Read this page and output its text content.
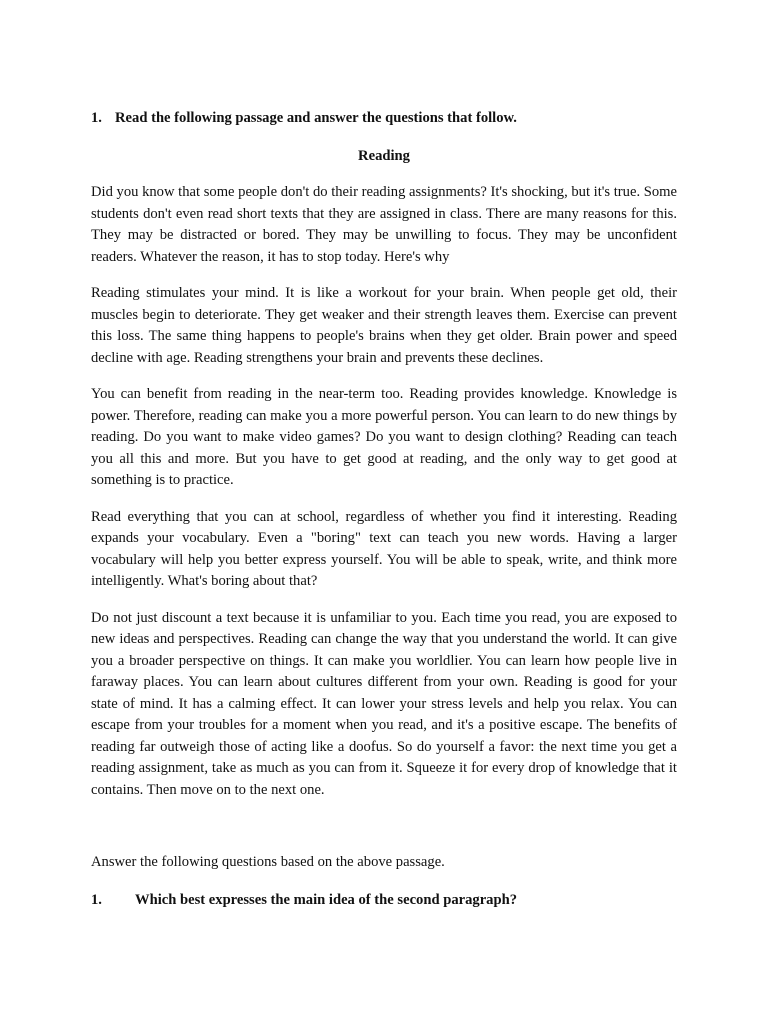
1. Read the following passage and answer the questions that follow.

Reading

Did you know that some people don't do their reading assignments? It's shocking, but it's true. Some students don't even read short texts that they are assigned in class. There are many reasons for this. They may be distracted or bored. They may be unwilling to focus. They may be unconfident readers. Whatever the reason, it has to stop today. Here's why

Reading stimulates your mind. It is like a workout for your brain. When people get old, their muscles begin to deteriorate. They get weaker and their strength leaves them. Exercise can prevent this loss. The same thing happens to people's brains when they get older. Brain power and speed decline with age. Reading strengthens your brain and prevents these declines.

You can benefit from reading in the near-term too. Reading provides knowledge. Knowledge is power. Therefore, reading can make you a more powerful person. You can learn to do new things by reading. Do you want to make video games? Do you want to design clothing? Reading can teach you all this and more. But you have to get good at reading, and the only way to get good at something is to practice.

Read everything that you can at school, regardless of whether you find it interesting. Reading expands your vocabulary. Even a "boring" text can teach you new words. Having a larger vocabulary will help you better express yourself. You will be able to speak, write, and think more intelligently. What's boring about that?

Do not just discount a text because it is unfamiliar to you. Each time you read, you are exposed to new ideas and perspectives. Reading can change the way that you understand the world. It can give you a broader perspective on things. It can make you worldlier. You can learn how people live in faraway places. You can learn about cultures different from your own. Reading is good for your state of mind. It has a calming effect. It can lower your stress levels and help you relax. You can escape from your troubles for a moment when you read, and it's a positive escape. The benefits of reading far outweigh those of acting like a doofus. So do yourself a favor: the next time you get a reading assignment, take as much as you can from it. Squeeze it for every drop of knowledge that it contains. Then move on to the next one.

Answer the following questions based on the above passage.

1.	Which best expresses the main idea of the second paragraph?
